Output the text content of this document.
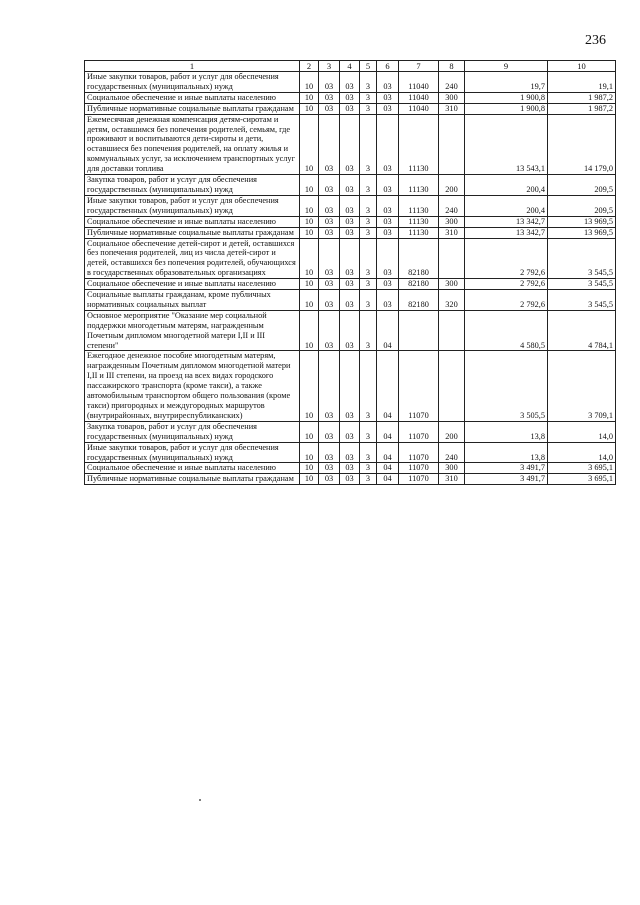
236
1	2	3	4	5	6	7	8	9	10
Иные закупки товаров, работ и услуг для обеспечения государственных (муниципальных) нужд	10	03	03	3	03	11040	240	19,7	19,1
Социальное обеспечение и иные выплаты населению	10	03	03	3	03	11040	300	1 900,8	1 987,2
Публичные нормативные социальные выплаты гражданам	10	03	03	3	03	11040	310	1 900,8	1 987,2
Ежемесячная денежная компенсация детям-сиротам и детям, оставшимся без попечения родителей, семьям, где проживают и воспитываются дети-сироты и дети, оставшиеся без попечения родителей, на оплату жилья и коммунальных услуг, за исключением транспортных услуг для доставки топлива	10	03	03	3	03	11130		13 543,1	14 179,0
Закупка товаров, работ и услуг для обеспечения государственных (муниципальных) нужд	10	03	03	3	03	11130	200	200,4	209,5
Иные закупки товаров, работ и услуг для обеспечения государственных (муниципальных) нужд	10	03	03	3	03	11130	240	200,4	209,5
Социальное обеспечение и иные выплаты населению	10	03	03	3	03	11130	300	13 342,7	13 969,5
Публичные нормативные социальные выплаты гражданам	10	03	03	3	03	11130	310	13 342,7	13 969,5
Социальное обеспечение детей-сирот и детей, оставшихся без попечения родителей, лиц из числа детей-сирот и детей, оставшихся без попечения родителей, обучающихся в государственных образовательных организациях	10	03	03	3	03	82180		2 792,6	3 545,5
Социальное обеспечение и иные выплаты населению	10	03	03	3	03	82180	300	2 792,6	3 545,5
Социальные выплаты гражданам, кроме публичных нормативных социальных выплат	10	03	03	3	03	82180	320	2 792,6	3 545,5
Основное мероприятие "Оказание мер социальной поддержки многодетным матерям, награжденным Почетным дипломом многодетной матери I,II и III степени"	10	03	03	3	04			4 580,5	4 784,1
Ежегодное денежное пособие многодетным матерям, награжденным Почетным дипломом многодетной матери I,II и III степени, на проезд на всех видах городского пассажирского транспорта (кроме такси), а также автомобильным транспортом общего пользования (кроме такси) пригородных и междугородных маршрутов (внутрирайонных, внутриреспубликанских)	10	03	03	3	04	11070		3 505,5	3 709,1
Закупка товаров, работ и услуг для обеспечения государственных (муниципальных) нужд	10	03	03	3	04	11070	200	13,8	14,0
Иные закупки товаров, работ и услуг для обеспечения государственных (муниципальных) нужд	10	03	03	3	04	11070	240	13,8	14,0
Социальное обеспечение и иные выплаты населению	10	03	03	3	04	11070	300	3 491,7	3 695,1
Публичные нормативные социальные выплаты гражданам	10	03	03	3	04	11070	310	3 491,7	3 695,1
